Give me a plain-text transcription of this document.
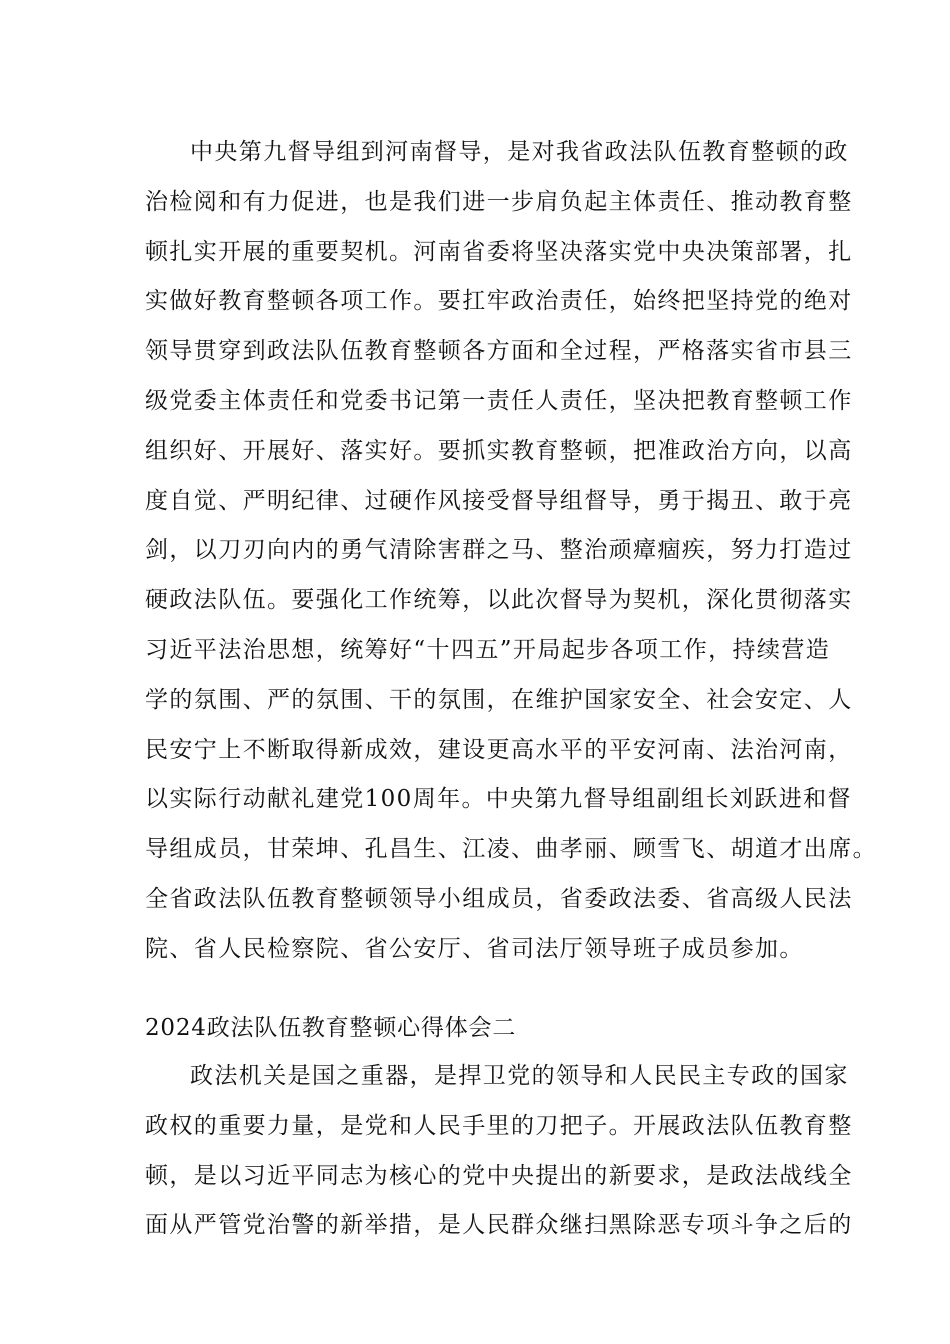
中央第九督导组到河南督导，是对我省政法队伍教育整顿的政
治检阅和有力促进，也是我们进一步肩负起主体责任、推动教育整
顿扎实开展的重要契机。河南省委将坚决落实党中央决策部署，扎
实做好教育整顿各项工作。要扛牢政治责任，始终把坚持党的绝对
领导贯穿到政法队伍教育整顿各方面和全过程，严格落实省市县三
级党委主体责任和党委书记第一责任人责任，坚决把教育整顿工作
组织好、开展好、落实好。要抓实教育整顿，把准政治方向，以高
度自觉、严明纪律、过硬作风接受督导组督导，勇于揭丑、敢于亮
剑，以刀刃向内的勇气清除害群之马、整治顽瘴痼疾，努力打造过
硬政法队伍。要强化工作统筹，以此次督导为契机，深化贯彻落实
习近平法治思想，统筹好“十四五”开局起步各项工作，持续营造
学的氛围、严的氛围、干的氛围，在维护国家安全、社会安定、人
民安宁上不断取得新成效，建设更高水平的平安河南、法治河南，
以实际行动献礼建党100周年。中央第九督导组副组长刘跃进和督
导组成员，甘荣坤、孔昌生、江凌、曲孝丽、顾雪飞、胡道才出席。
全省政法队伍教育整顿领导小组成员，省委政法委、省高级人民法
院、省人民检察院、省公安厅、省司法厅领导班子成员参加。
2024政法队伍教育整顿心得体会二
政法机关是国之重器，是捍卫党的领导和人民民主专政的国家
政权的重要力量，是党和人民手里的刀把子。开展政法队伍教育整
顿，是以习近平同志为核心的党中央提出的新要求，是政法战线全
面从严管党治警的新举措，是人民群众继扫黑除恶专项斗争之后的
